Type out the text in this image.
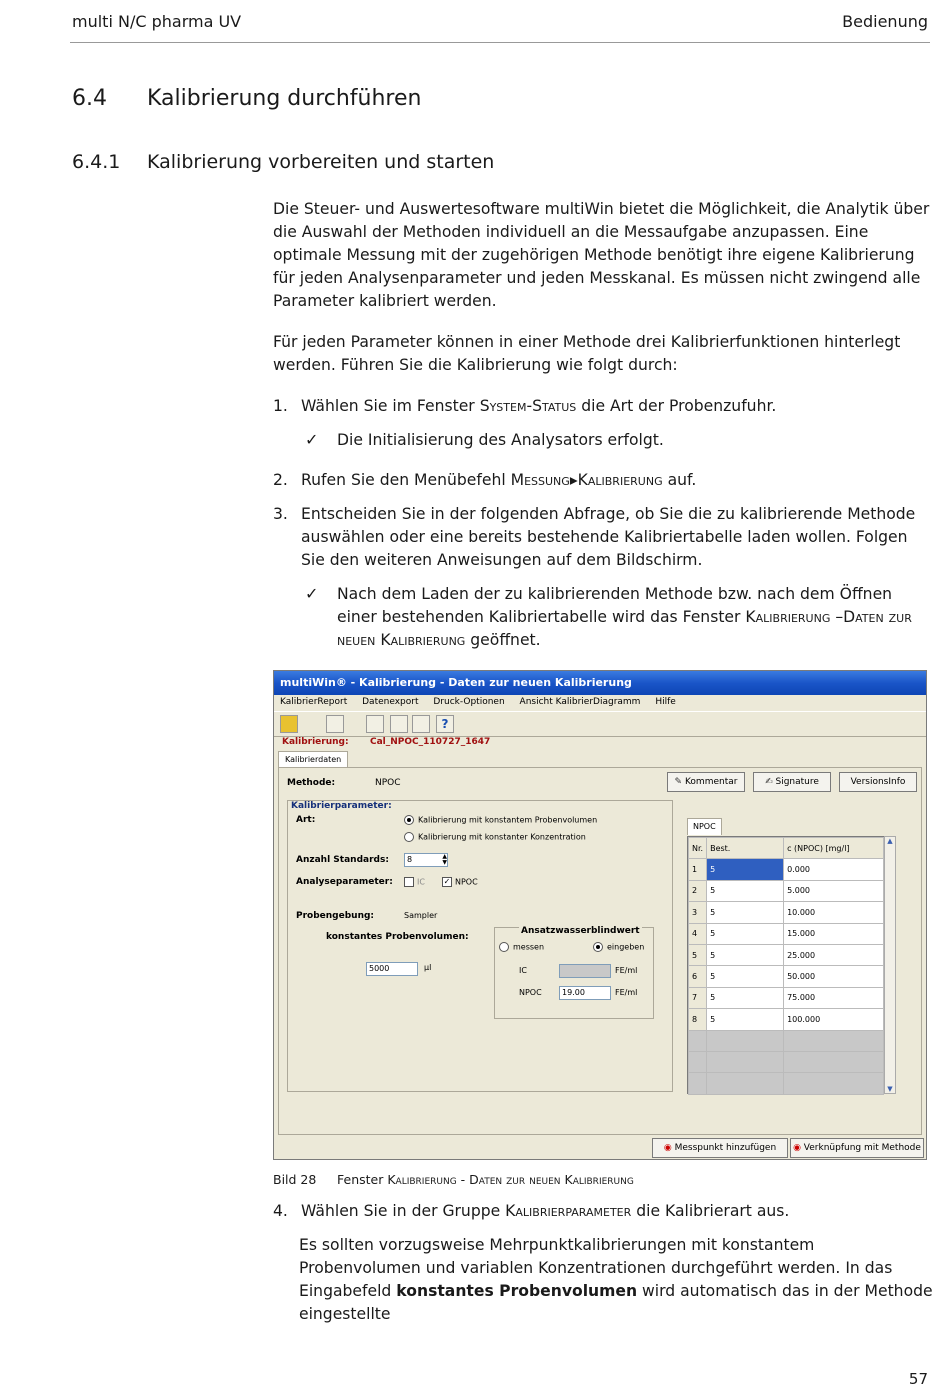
multi N/C pharma UV	Bedienung
6.4 Kalibrierung durchführen
6.4.1 Kalibrierung vorbereiten und starten
Die Steuer- und Auswertesoftware multiWin bietet die Möglichkeit, die Analytik über die Auswahl der Methoden individuell an die Messaufgabe anzupassen. Eine optimale Messung mit der zugehörigen Methode benötigt ihre eigene Kalibrierung für jeden Analysenparameter und jeden Messkanal. Es müssen nicht zwingend alle Parameter kalibriert werden.
Für jeden Parameter können in einer Methode drei Kalibrierfunktionen hinterlegt werden. Führen Sie die Kalibrierung wie folgt durch:
1. Wählen Sie im Fenster System-Status die Art der Probenzufuhr.
✓ Die Initialisierung des Analysators erfolgt.
2. Rufen Sie den Menübefehl Messung▸Kalibrierung auf.
3. Entscheiden Sie in der folgenden Abfrage, ob Sie die zu kalibrierende Methode auswählen oder eine bereits bestehende Kalibriertabelle laden wollen. Folgen Sie den weiteren Anweisungen auf dem Bildschirm.
✓ Nach dem Laden der zu kalibrierenden Methode bzw. nach dem Öffnen einer bestehenden Kalibriertabelle wird das Fenster Kalibrierung –Daten zur neuen Kalibrierung geöffnet.
multiWin® - Kalibrierung - Daten zur neuen Kalibrierung
KalibrierReport Datenexport Druck-Optionen Ansicht KalibrierDiagramm Hilfe
?
Kalibrierung: Cal_NPOC_110727_1647
Kalibrierdaten
Methode:	NPOC	✎ Kommentar	✍ Signature	VersionsInfo
Kalibrierparameter:
Art:	Kalibrierung mit konstantem Probenvolumen
Kalibrierung mit konstanter Konzentration
Anzahl Standards:	8	▲
▼
Analyseparameter:	IC ✓ NPOC
Probengebung:	Sampler
konstantes Probenvolumen:
5000	µl
Ansatzwasserblindwert
messen	eingeben
IC	FE/ml
NPOC	19.00	FE/ml
NPOC
Nr.	Best.	c (NPOC) [mg/l]
1	5	0.000
2	5	5.000
3	5	10.000
4	5	15.000
5	5	25.000
6	5	50.000
7	5	75.000
8	5	100.000

▲
▼
◉ Messpunkt hinzufügen	◉ Verknüpfung mit Methode
Bild 28 Fenster Kalibrierung - Daten zur neuen Kalibrierung
4. Wählen Sie in der Gruppe Kalibrierparameter die Kalibrierart aus.
Es sollten vorzugsweise Mehrpunktkalibrierungen mit konstantem Probenvolumen und variablen Konzentrationen durchgeführt werden. In das Eingabefeld konstantes Probenvolumen wird automatisch das in der Methode eingestellte
57
